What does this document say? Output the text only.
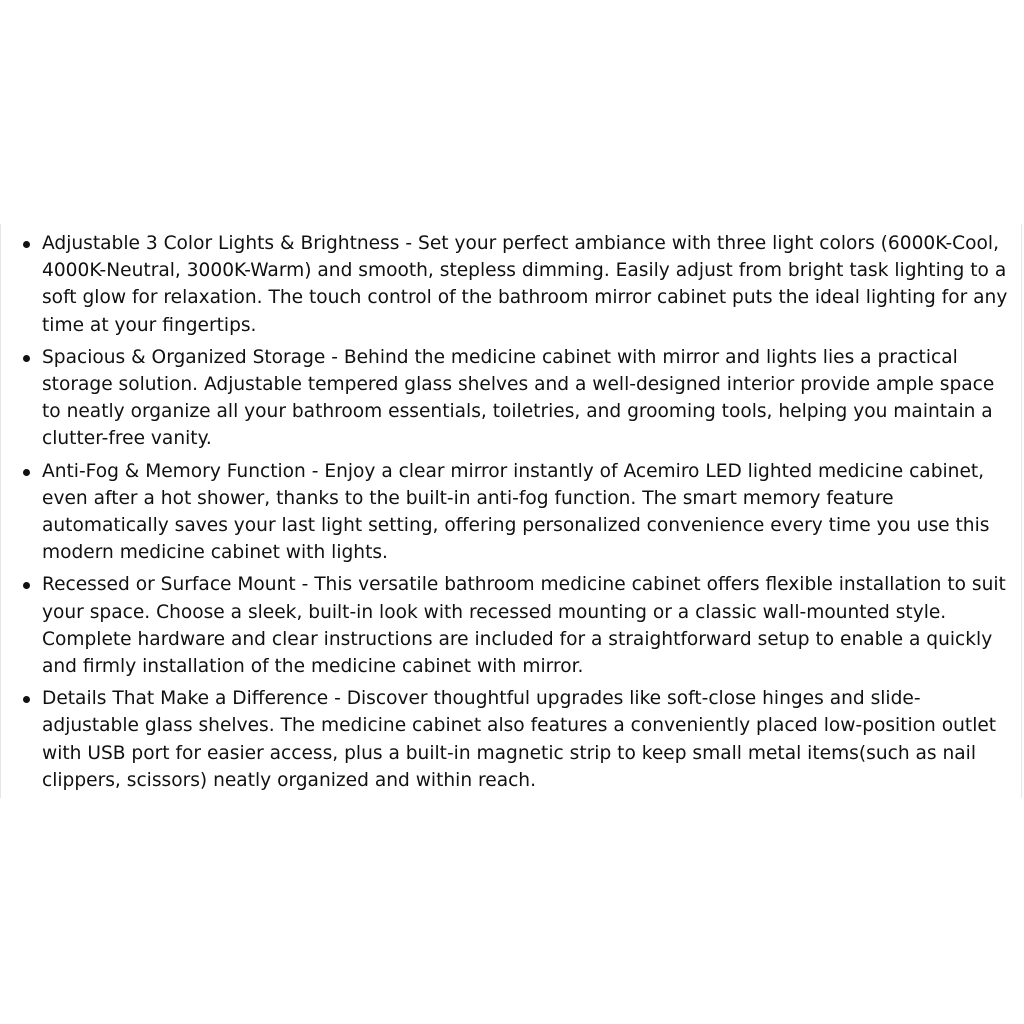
Adjustable 3 Color Lights & Brightness - Set your perfect ambiance with three light colors (6000K-Cool, 4000K-Neutral, 3000K-Warm) and smooth, stepless dimming. Easily adjust from bright task lighting to a soft glow for relaxation. The touch control of the bathroom mirror cabinet puts the ideal lighting for any time at your fingertips.
Spacious & Organized Storage - Behind the medicine cabinet with mirror and lights lies a practical storage solution. Adjustable tempered glass shelves and a well-designed interior provide ample space to neatly organize all your bathroom essentials, toiletries, and grooming tools, helping you maintain a clutter-free vanity.
Anti-Fog & Memory Function - Enjoy a clear mirror instantly of Acemiro LED lighted medicine cabinet, even after a hot shower, thanks to the built-in anti-fog function. The smart memory feature automatically saves your last light setting, offering personalized convenience every time you use this modern medicine cabinet with lights.
Recessed or Surface Mount - This versatile bathroom medicine cabinet offers flexible installation to suit your space. Choose a sleek, built-in look with recessed mounting or a classic wall-mounted style. Complete hardware and clear instructions are included for a straightforward setup to enable a quickly and firmly installation of the medicine cabinet with mirror.
Details That Make a Difference - Discover thoughtful upgrades like soft-close hinges and slide-adjustable glass shelves. The medicine cabinet also features a conveniently placed low-position outlet with USB port for easier access, plus a built-in magnetic strip to keep small metal items(such as nail clippers, scissors) neatly organized and within reach.
